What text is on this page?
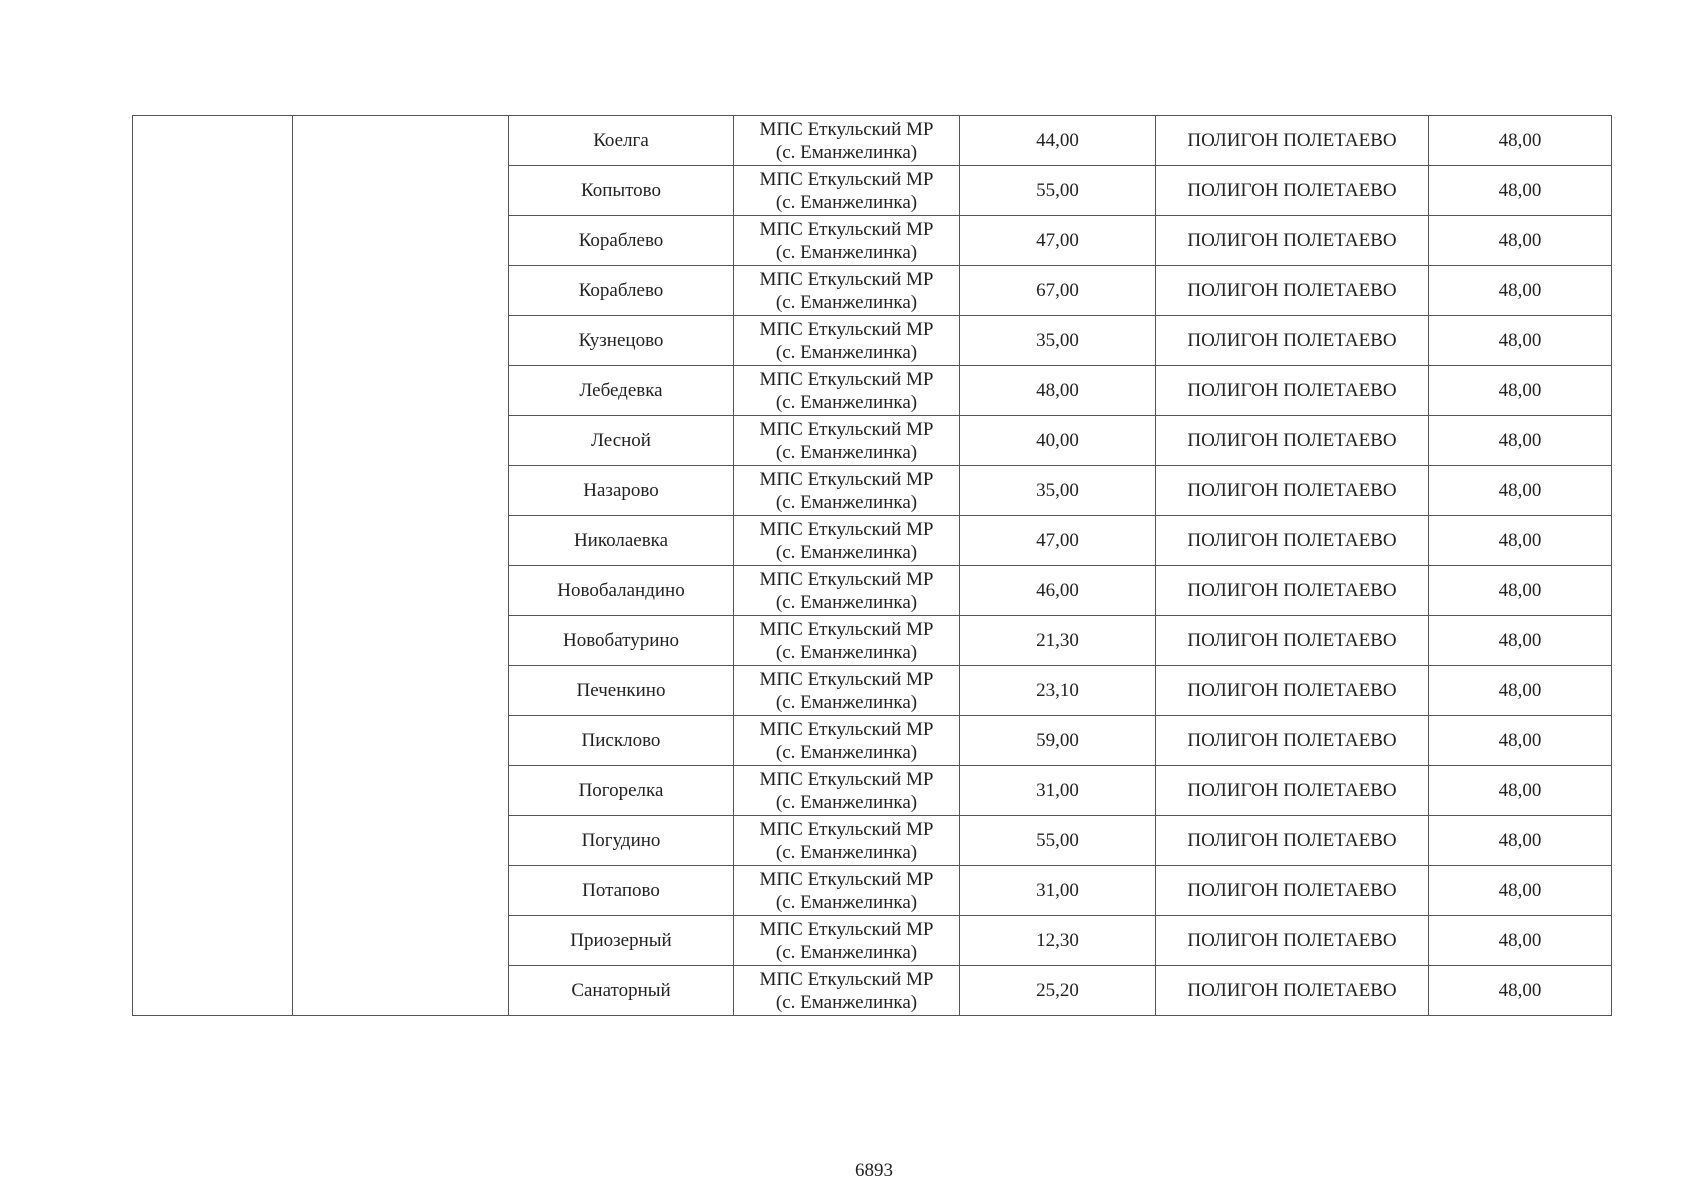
		Коелга	МПС Еткульский МР
(с. Еманжелинка)	44,00	ПОЛИГОН ПОЛЕТАЕВО	48,00
		Копытово	МПС Еткульский МР
(с. Еманжелинка)	55,00	ПОЛИГОН ПОЛЕТАЕВО	48,00
		Кораблево	МПС Еткульский МР
(с. Еманжелинка)	47,00	ПОЛИГОН ПОЛЕТАЕВО	48,00
		Кораблево	МПС Еткульский МР
(с. Еманжелинка)	67,00	ПОЛИГОН ПОЛЕТАЕВО	48,00
		Кузнецово	МПС Еткульский МР
(с. Еманжелинка)	35,00	ПОЛИГОН ПОЛЕТАЕВО	48,00
		Лебедевка	МПС Еткульский МР
(с. Еманжелинка)	48,00	ПОЛИГОН ПОЛЕТАЕВО	48,00
		Лесной	МПС Еткульский МР
(с. Еманжелинка)	40,00	ПОЛИГОН ПОЛЕТАЕВО	48,00
		Назарово	МПС Еткульский МР
(с. Еманжелинка)	35,00	ПОЛИГОН ПОЛЕТАЕВО	48,00
		Николаевка	МПС Еткульский МР
(с. Еманжелинка)	47,00	ПОЛИГОН ПОЛЕТАЕВО	48,00
		Новобаландино	МПС Еткульский МР
(с. Еманжелинка)	46,00	ПОЛИГОН ПОЛЕТАЕВО	48,00
		Новобатурино	МПС Еткульский МР
(с. Еманжелинка)	21,30	ПОЛИГОН ПОЛЕТАЕВО	48,00
		Печенкино	МПС Еткульский МР
(с. Еманжелинка)	23,10	ПОЛИГОН ПОЛЕТАЕВО	48,00
		Писклово	МПС Еткульский МР
(с. Еманжелинка)	59,00	ПОЛИГОН ПОЛЕТАЕВО	48,00
		Погорелка	МПС Еткульский МР
(с. Еманжелинка)	31,00	ПОЛИГОН ПОЛЕТАЕВО	48,00
		Погудино	МПС Еткульский МР
(с. Еманжелинка)	55,00	ПОЛИГОН ПОЛЕТАЕВО	48,00
		Потапово	МПС Еткульский МР
(с. Еманжелинка)	31,00	ПОЛИГОН ПОЛЕТАЕВО	48,00
		Приозерный	МПС Еткульский МР
(с. Еманжелинка)	12,30	ПОЛИГОН ПОЛЕТАЕВО	48,00
		Санаторный	МПС Еткульский МР
(с. Еманжелинка)	25,20	ПОЛИГОН ПОЛЕТАЕВО	48,00
6893
